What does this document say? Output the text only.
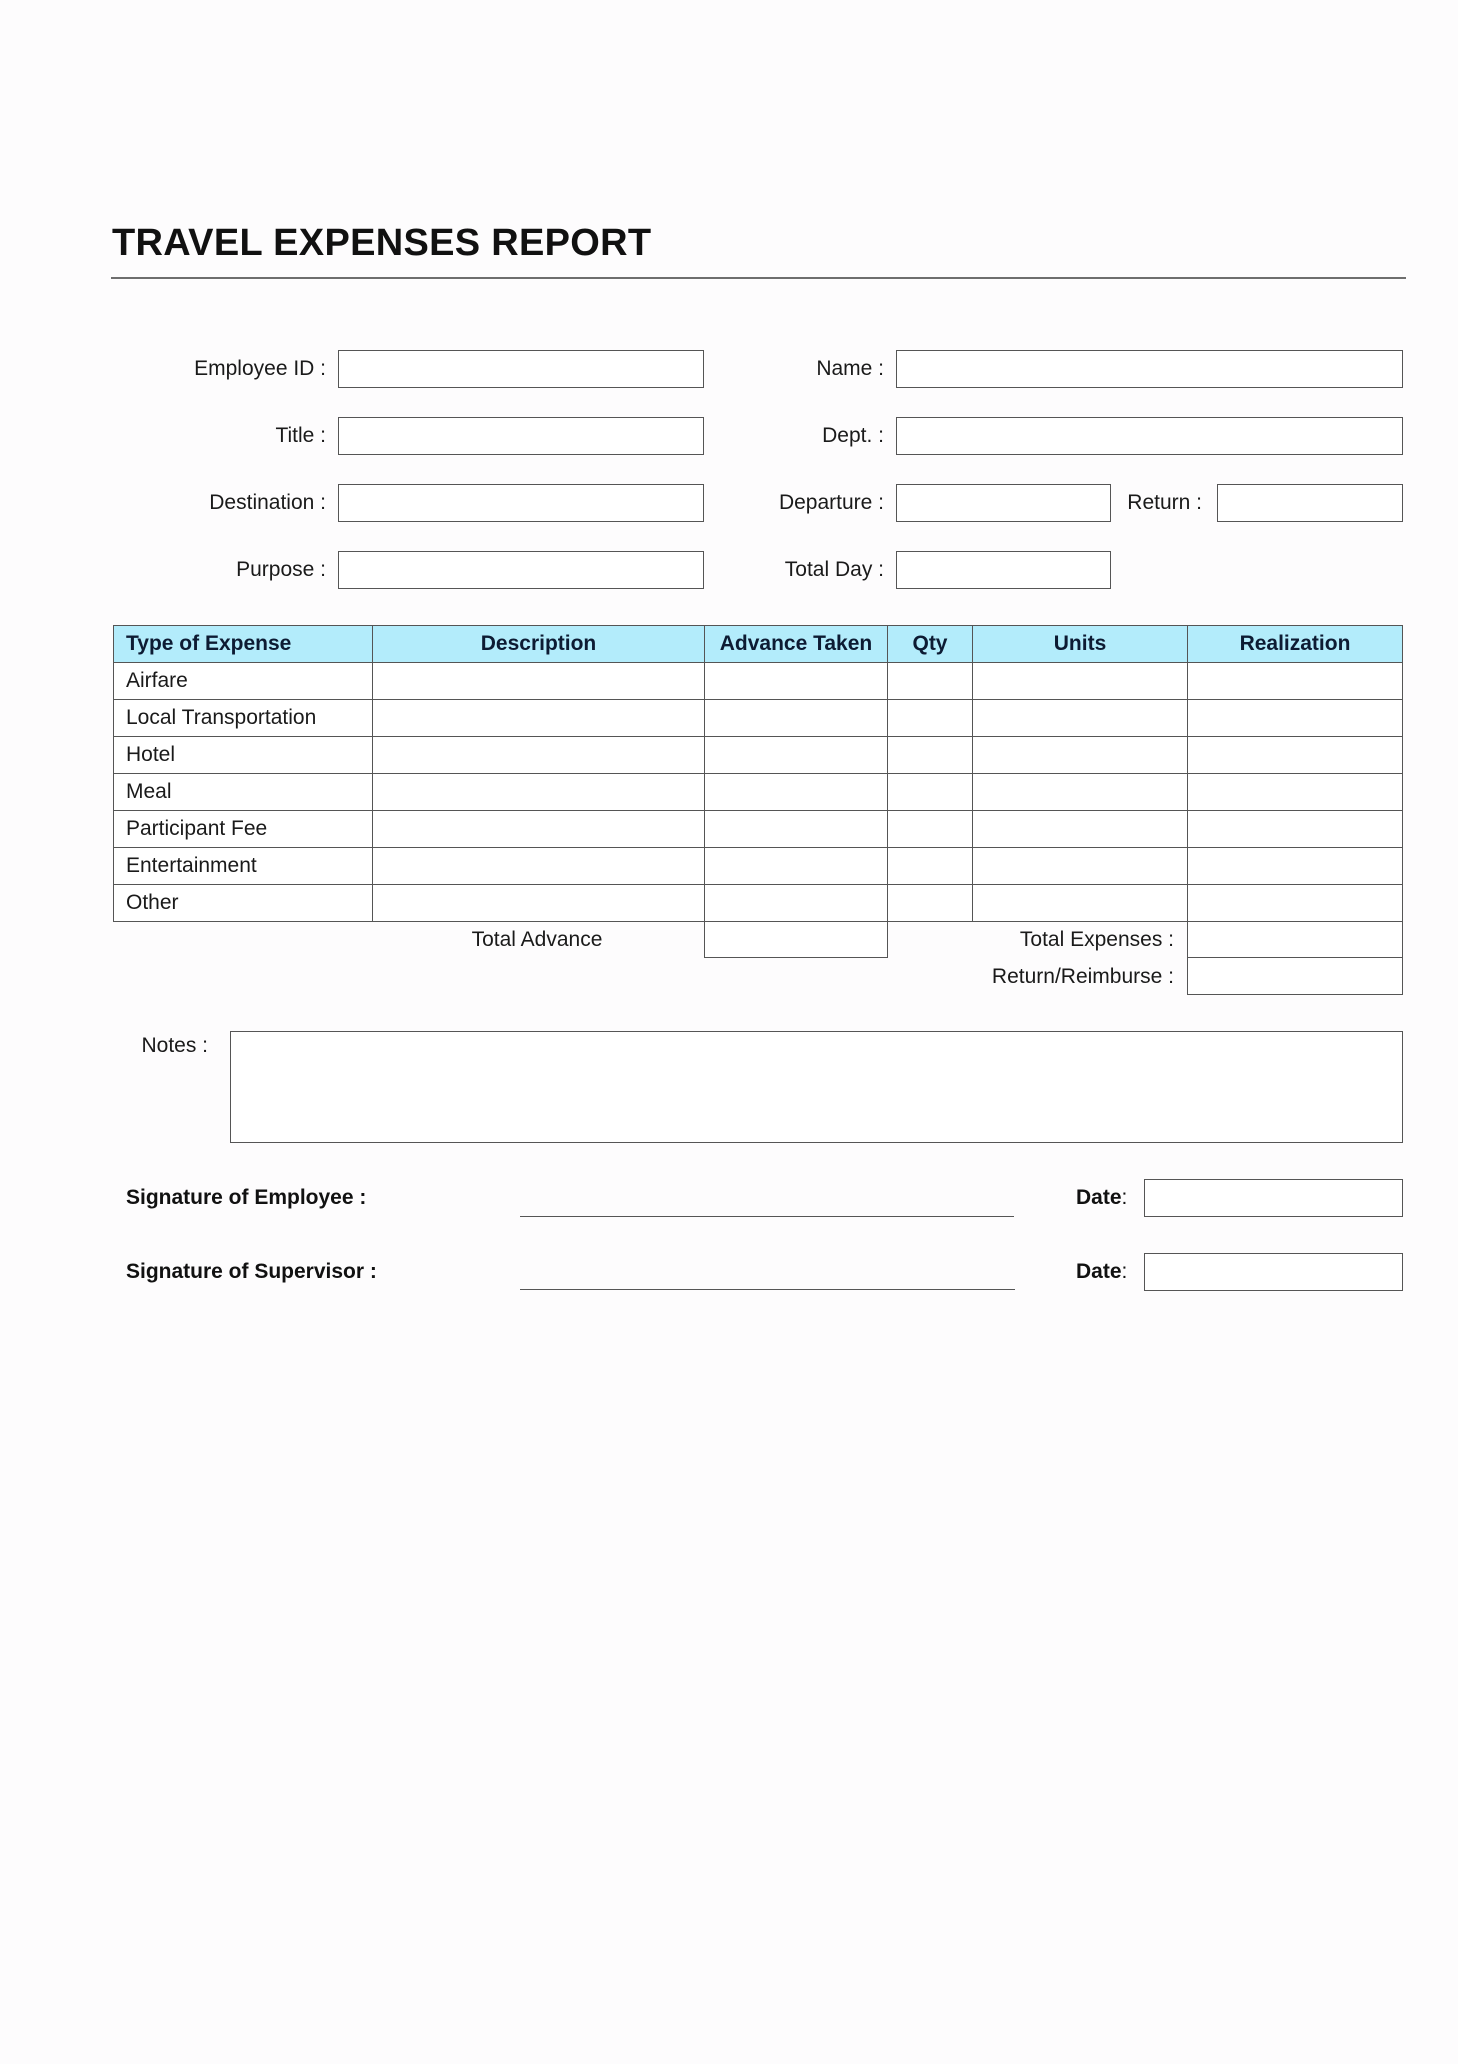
TRAVEL EXPENSES REPORT
Employee ID :	Name :
Title :	Dept. :
Destination :	Departure :	Return :
Purpose :	Total Day :
Type of Expense	Description	Advance Taken	Qty	Units	Realization
Airfare					
Local Transportation					
Hotel					
Meal					
Participant Fee					
Entertainment					
Other					
Total Advance	Total Expenses :
Return/Reimburse :
Notes :
Signature of Employee :	Date:
Signature of Supervisor :	Date:
